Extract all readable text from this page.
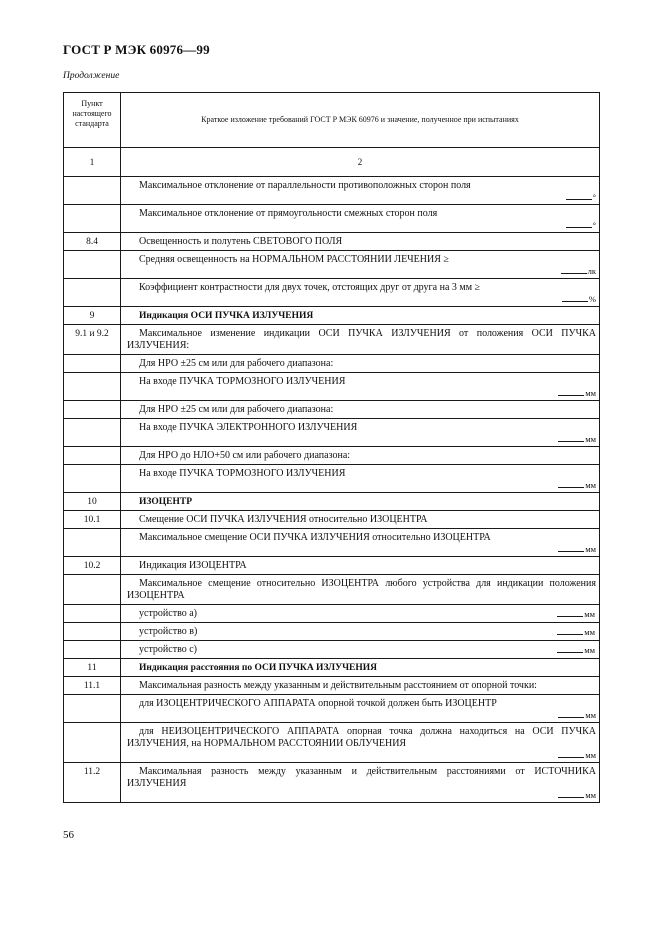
ГОСТ Р МЭК 60976—99
Продолжение
Пункт настоящего стандарта	Краткое изложение требований ГОСТ Р МЭК 60976 и значение, полученное при испытаниях
1	2

	Максимальное отклонение от параллельности противоположных сторон поля
°

	Максимальное отклонение от прямоугольности смежных сторон поля
°

8.4	Освещенность и полутень СВЕТОВОГО ПОЛЯ

	Средняя освещенность на НОРМАЛЬНОМ РАССТОЯНИИ ЛЕЧЕНИЯ ≥
лк

	Коэффициент контрастности для двух точек, отстоящих друг от друга на 3 мм ≥
%

9	Индикация ОСИ ПУЧКА ИЗЛУЧЕНИЯ

9.1 и 9.2	Максимальное изменение индикации ОСИ ПУЧКА ИЗЛУЧЕНИЯ от положения ОСИ ПУЧКА ИЗЛУЧЕНИЯ:

	Для НРО ±25 см или для рабочего диапазона:

	На входе ПУЧКА ТОРМОЗНОГО ИЗЛУЧЕНИЯ
мм

	Для НРО ±25 см или для рабочего диапазона:

	На входе ПУЧКА ЭЛЕКТРОННОГО ИЗЛУЧЕНИЯ
мм

	Для НРО до НЛО+50 см или рабочего диапазона:

	На входе ПУЧКА ТОРМОЗНОГО ИЗЛУЧЕНИЯ
мм

10	ИЗОЦЕНТР

10.1	Смещение ОСИ ПУЧКА ИЗЛУЧЕНИЯ относительно ИЗОЦЕНТРА

	Максимальное смещение ОСИ ПУЧКА ИЗЛУЧЕНИЯ относительно ИЗОЦЕНТРА
мм

10.2	Индикация ИЗОЦЕНТРА

	Максимальное смещение относительно ИЗОЦЕНТРА любого устройства для индикации положения ИЗОЦЕНТРА

	устройство а) мм

	устройство в) мм

	устройство с) мм

11	Индикация расстояния по ОСИ ПУЧКА ИЗЛУЧЕНИЯ

11.1	Максимальная разность между указанным и действительным расстоянием от опорной точки:

	для ИЗОЦЕНТРИЧЕСКОГО АППАРАТА опорной точкой должен быть ИЗОЦЕНТР
мм

	для НЕИЗОЦЕНТРИЧЕСКОГО АППАРАТА опорная точка должна находиться на ОСИ ПУЧКА ИЗЛУЧЕНИЯ, на НОРМАЛЬНОМ РАССТОЯНИИ ОБЛУЧЕНИЯ
мм

11.2	Максимальная разность между указанным и действительным расстояниями от ИСТОЧНИКА ИЗЛУЧЕНИЯ
мм
56
